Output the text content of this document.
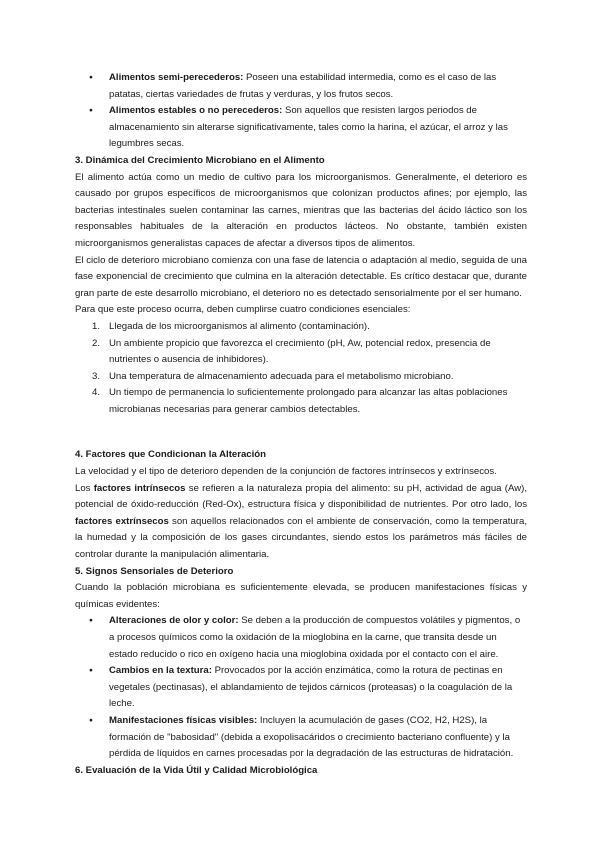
● Alimentos semi-perecederos: Poseen una estabilidad intermedia, como es el caso de las patatas, ciertas variedades de frutas y verduras, y los frutos secos.
● Alimentos estables o no perecederos: Son aquellos que resisten largos periodos de almacenamiento sin alterarse significativamente, tales como la harina, el azúcar, el arroz y las legumbres secas.
3. Dinámica del Crecimiento Microbiano en el Alimento

El alimento actúa como un medio de cultivo para los microorganismos. Generalmente, el deterioro es causado por grupos específicos de microorganismos que colonizan productos afines; por ejemplo, las bacterias intestinales suelen contaminar las carnes, mientras que las bacterias del ácido láctico son los responsables habituales de la alteración en productos lácteos. No obstante, también existen microorganismos generalistas capaces de afectar a diversos tipos de alimentos.

El ciclo de deterioro microbiano comienza con una fase de latencia o adaptación al medio, seguida de una fase exponencial de crecimiento que culmina en la alteración detectable. Es crítico destacar que, durante gran parte de este desarrollo microbiano, el deterioro no es detectado sensorialmente por el ser humano.

Para que este proceso ocurra, deben cumplirse cuatro condiciones esenciales:

1. Llegada de los microorganismos al alimento (contaminación).
2. Un ambiente propicio que favorezca el crecimiento (pH, Aw, potencial redox, presencia de nutrientes o ausencia de inhibidores).
3. Una temperatura de almacenamiento adecuada para el metabolismo microbiano.
4. Un tiempo de permanencia lo suficientemente prolongado para alcanzar las altas poblaciones microbianas necesarias para generar cambios detectables.
4. Factores que Condicionan la Alteración

La velocidad y el tipo de deterioro dependen de la conjunción de factores intrínsecos y extrínsecos.

Los factores intrínsecos se refieren a la naturaleza propia del alimento: su pH, actividad de agua (Aw), potencial de óxido-reducción (Red-Ox), estructura física y disponibilidad de nutrientes. Por otro lado, los factores extrínsecos son aquellos relacionados con el ambiente de conservación, como la temperatura, la humedad y la composición de los gases circundantes, siendo estos los parámetros más fáciles de controlar durante la manipulación alimentaria.

5. Signos Sensoriales de Deterioro

Cuando la población microbiana es suficientemente elevada, se producen manifestaciones físicas y químicas evidentes:

● Alteraciones de olor y color: Se deben a la producción de compuestos volátiles y pigmentos, o a procesos químicos como la oxidación de la mioglobina en la carne, que transita desde un estado reducido o rico en oxígeno hacia una mioglobina oxidada por el contacto con el aire.
● Cambios en la textura: Provocados por la acción enzimática, como la rotura de pectinas en vegetales (pectinasas), el ablandamiento de tejidos cárnicos (proteasas) o la coagulación de la leche.
● Manifestaciones físicas visibles: Incluyen la acumulación de gases (CO2, H2, H2S), la formación de "babosidad" (debida a exopolisacáridos o crecimiento bacteriano confluente) y la pérdida de líquidos en carnes procesadas por la degradación de las estructuras de hidratación.
6. Evaluación de la Vida Útil y Calidad Microbiológica
